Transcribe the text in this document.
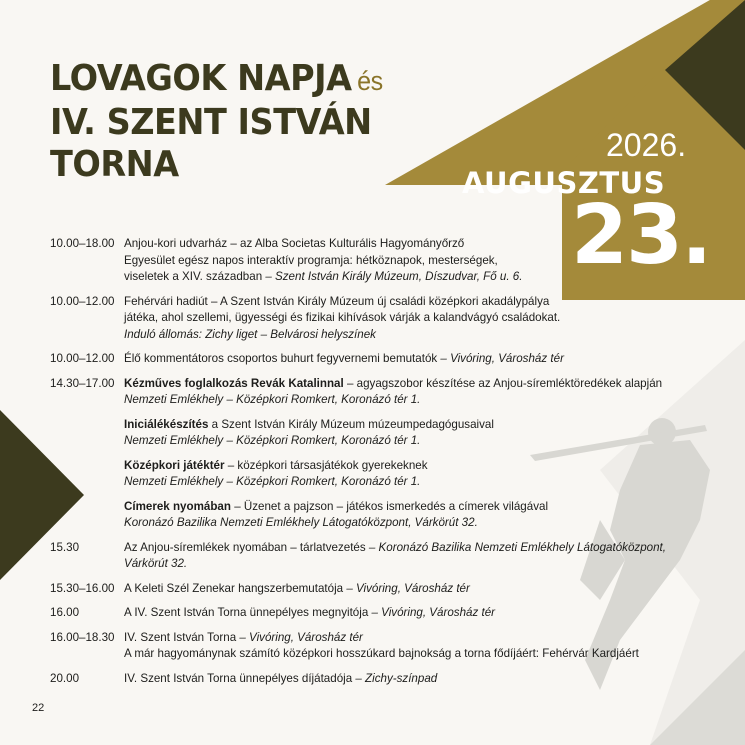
LOVAGOK NAPJA és
IV. SZENT ISTVÁN
TORNA	2026.
AUGUSZTUS
23.
10.00–18.00 Anjou-kori udvarház – az Alba Societas Kulturális Hagyományőrző
Egyesület egész napos interaktív programja: hétköznapok, mesterségek,
viseletek a XIV. században – Szent István Király Múzeum, Díszudvar, Fő u. 6.
10.00–12.00 Fehérvári hadiút – A Szent István Király Múzeum új családi középkori akadálypálya
játéka, ahol szellemi, ügyességi és fizikai kihívások várják a kalandvágyó családokat.
Induló állomás: Zichy liget – Belvárosi helyszínek
10.00–12.00 Élő kommentátoros csoportos buhurt fegyvernemi bemutatók – Vivóring, Városház tér
14.30–17.00 Kézműves foglalkozás Revák Katalinnal – agyagszobor készítése az Anjou-síremléktöredékek alapján
Nemzeti Emlékhely – Középkori Romkert, Koronázó tér 1.
Iniciálékészítés a Szent István Király Múzeum múzeumpedagógusaival
Nemzeti Emlékhely – Középkori Romkert, Koronázó tér 1.
Középkori játéktér – középkori társasjátékok gyerekeknek
Nemzeti Emlékhely – Középkori Romkert, Koronázó tér 1.
Címerek nyomában – Üzenet a pajzson – játékos ismerkedés a címerek világával
Koronázó Bazilika Nemzeti Emlékhely Látogatóközpont, Várkörút 32.
15.30	Az Anjou-síremlékek nyomában – tárlatvezetés – Koronázó Bazilika Nemzeti Emlékhely Látogatóközpont, Várkörút 32.
15.30–16.00 A Keleti Szél Zenekar hangszerbemutatója – Vivóring, Városház tér
16.00	A IV. Szent István Torna ünnepélyes megnyitója – Vivóring, Városház tér
16.00–18.30 IV. Szent István Torna – Vivóring, Városház tér
A már hagyománynak számító középkori hosszúkard bajnokság a torna fődíjáért: Fehérvár Kardjáért
20.00	IV. Szent István Torna ünnepélyes díjátadója – Zichy-színpad
22
